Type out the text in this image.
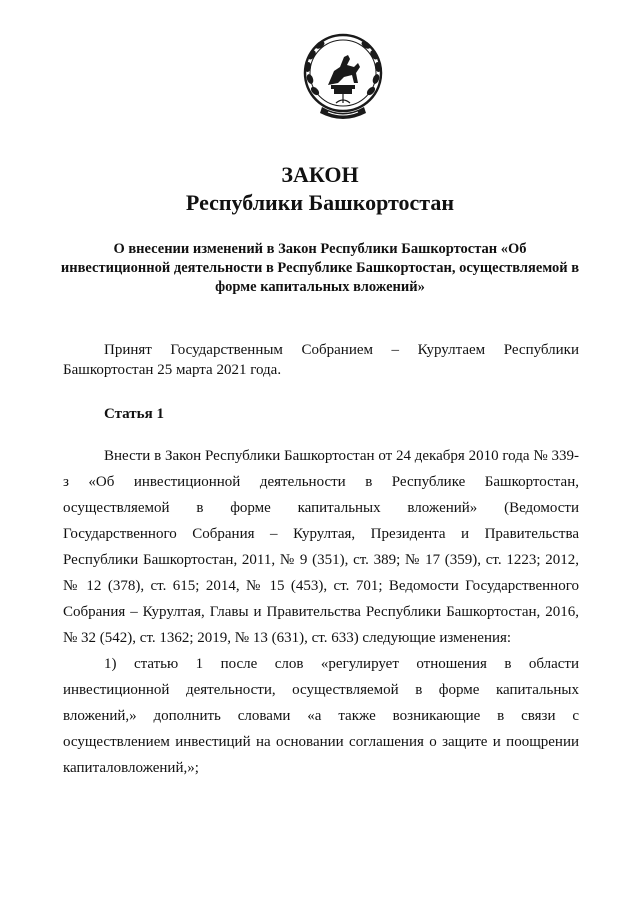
ЗАКОН
Республики Башкортостан
О внесении изменений в Закон Республики Башкортостан «Об инвестиционной деятельности в Республике Башкортостан, осуществляемой в форме капитальных вложений»
Принят Государственным Собранием – Курултаем Республики Башкортостан 25 марта 2021 года.
Статья 1

Внести в Закон Республики Башкортостан от 24 декабря 2010 года № 339-з «Об инвестиционной деятельности в Республике Башкортостан, осуществляемой в форме капитальных вложений» (Ведомости Государственного Собрания – Курултая, Президента и Правительства Республики Башкортостан, 2011, № 9 (351), ст. 389; № 17 (359), ст. 1223; 2012, № 12 (378), ст. 615; 2014, № 15 (453), ст. 701; Ведомости Государственного Собрания – Курултая, Главы и Правительства Республики Башкортостан, 2016, № 32 (542), ст. 1362; 2019, № 13 (631), ст. 633) следующие изменения:

1) статью 1 после слов «регулирует отношения в области инвестиционной деятельности, осуществляемой в форме капитальных вложений,» дополнить словами «а также возникающие в связи с осуществлением инвестиций на основании соглашения о защите и поощрении капиталовложений,»;
